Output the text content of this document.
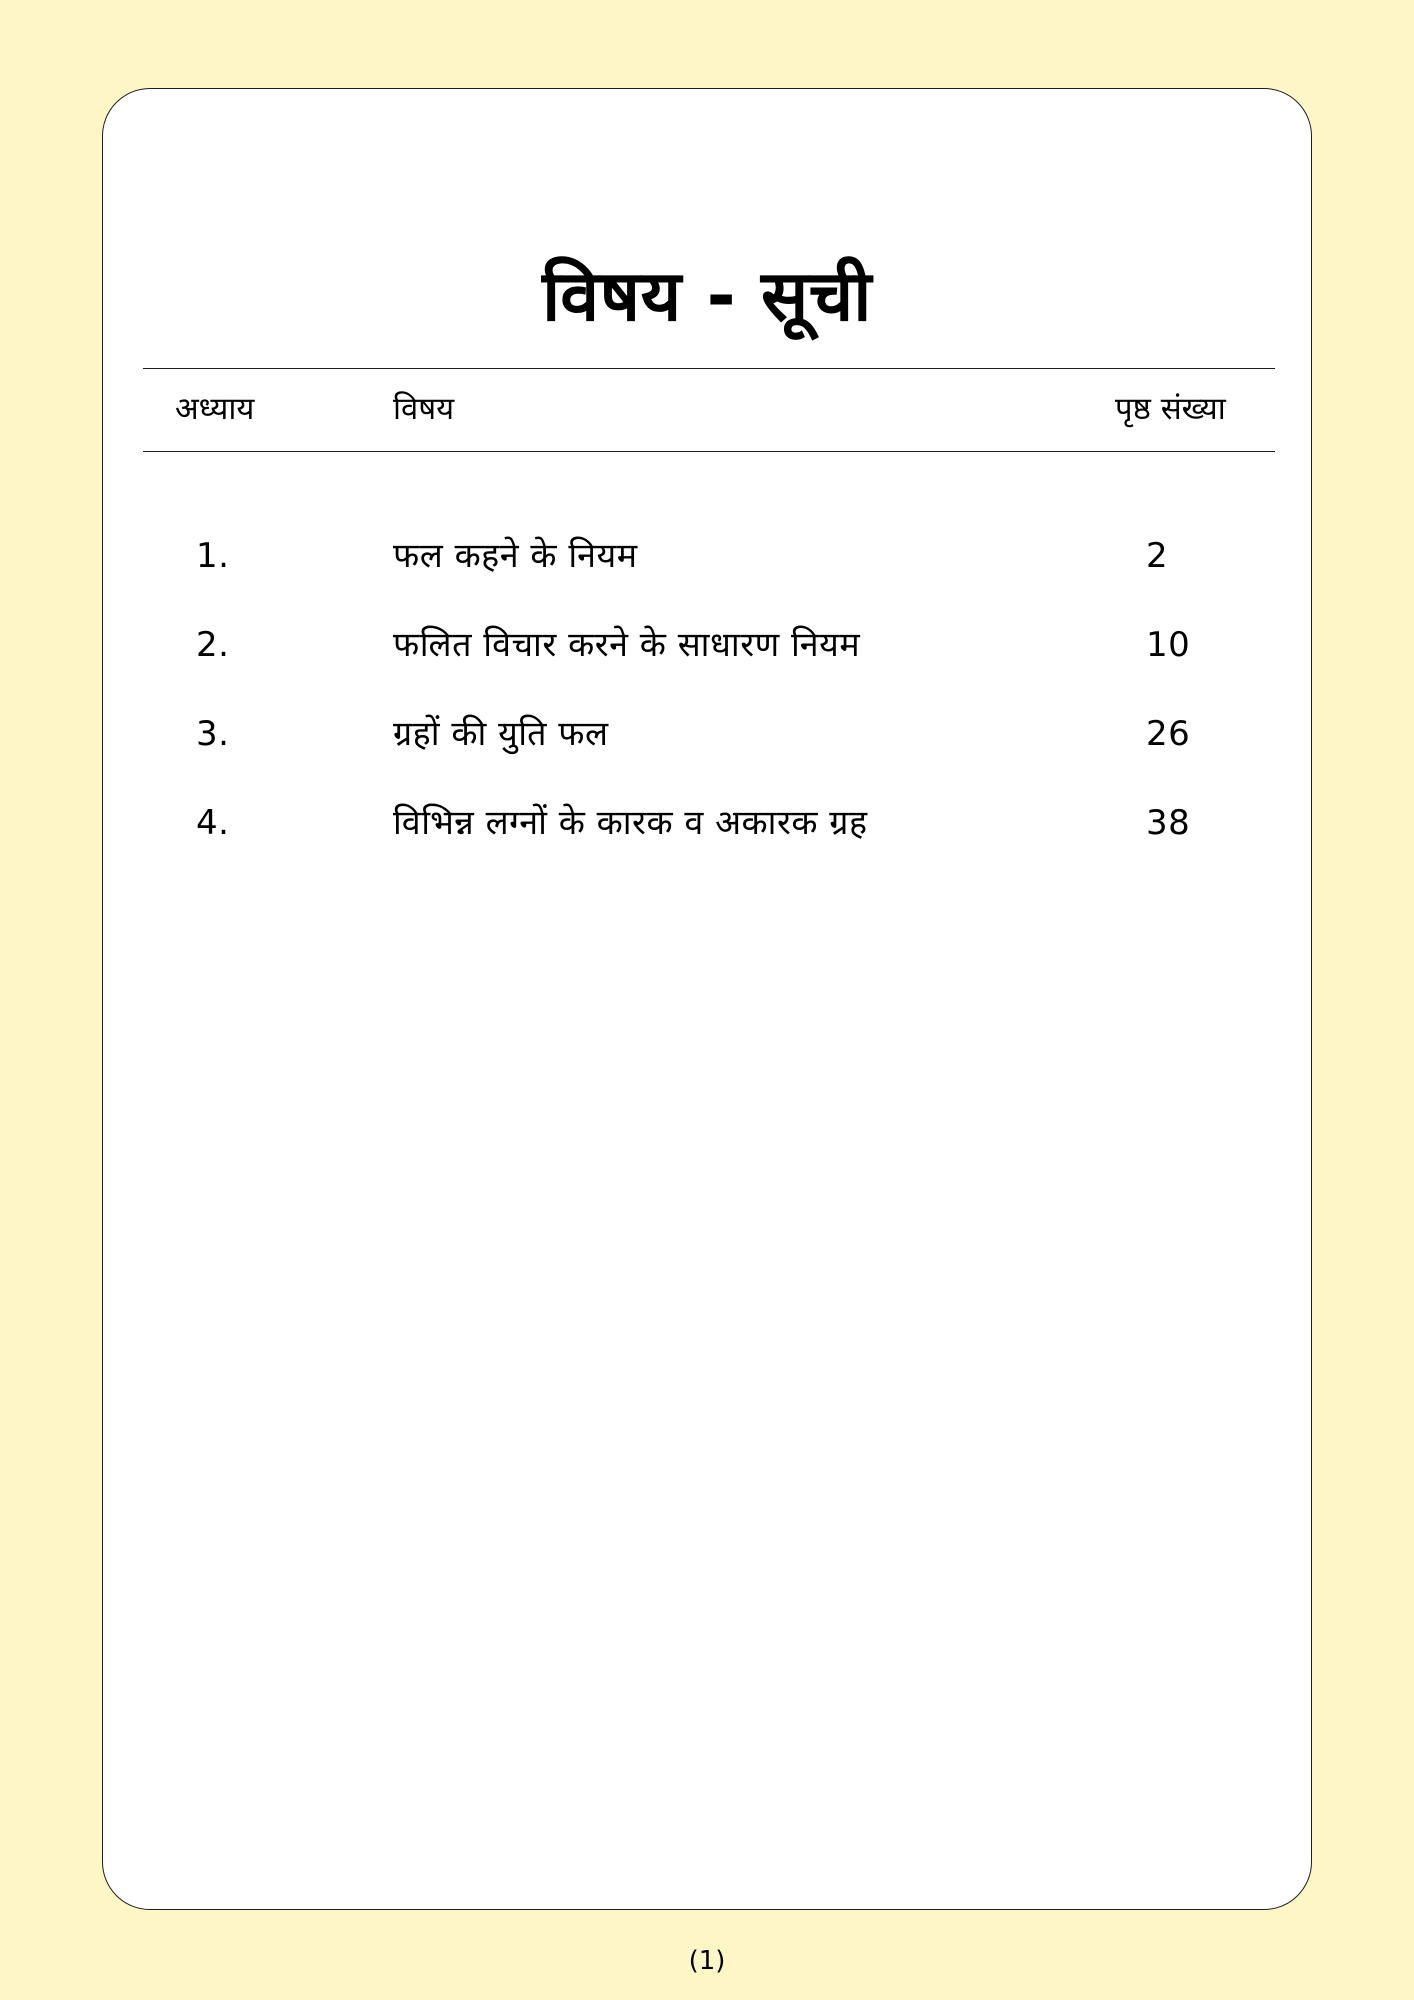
विषय - सूची
अध्याय	विषय	पृष्ठ संख्या
1.	फल कहने के नियम	2
2.	फलित विचार करने के साधारण नियम	10
3.	ग्रहों की युति फल	26
4.	विभिन्न लग्नों के कारक व अकारक ग्रह	38
(1)
